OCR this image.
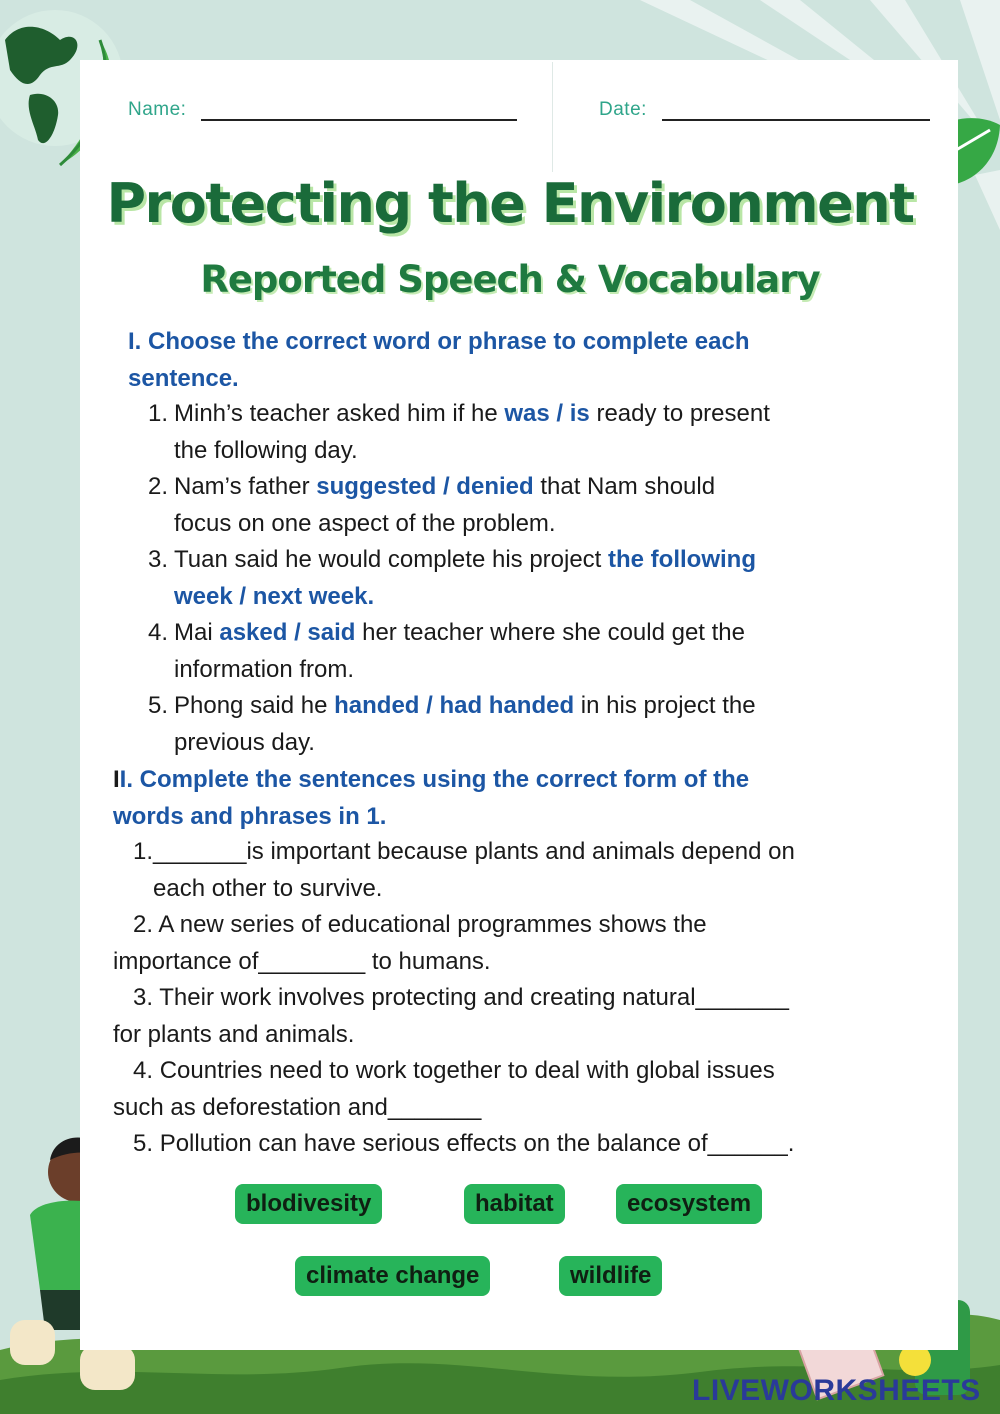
Name:	Date:
Protecting the Environment
Reported Speech & Vocabulary
I. Choose the correct word or phrase to complete each
sentence.
1. Minh’s teacher asked him if he was / is ready to present
the following day.
2. Nam’s father suggested / denied that Nam should
focus on one aspect of the problem.
3. Tuan said he would complete his project the following
week / next week.
4. Mai asked / said her teacher where she could get the
information from.
5. Phong said he handed / had handed in his project the
previous day.
II. Complete the sentences using the correct form of the
words and phrases in 1.
1._______is important because plants and animals depend on
each other to survive.
2. A new series of educational programmes shows the
importance of________ to humans.
3. Their work involves protecting and creating natural_______
for plants and animals.
4. Countries need to work together to deal with global issues
such as deforestation and_______
5. Pollution can have serious effects on the balance of______.
blodivesity	habitat	ecosystem
climate change	wildlife
LIVEWORKSHEETS
